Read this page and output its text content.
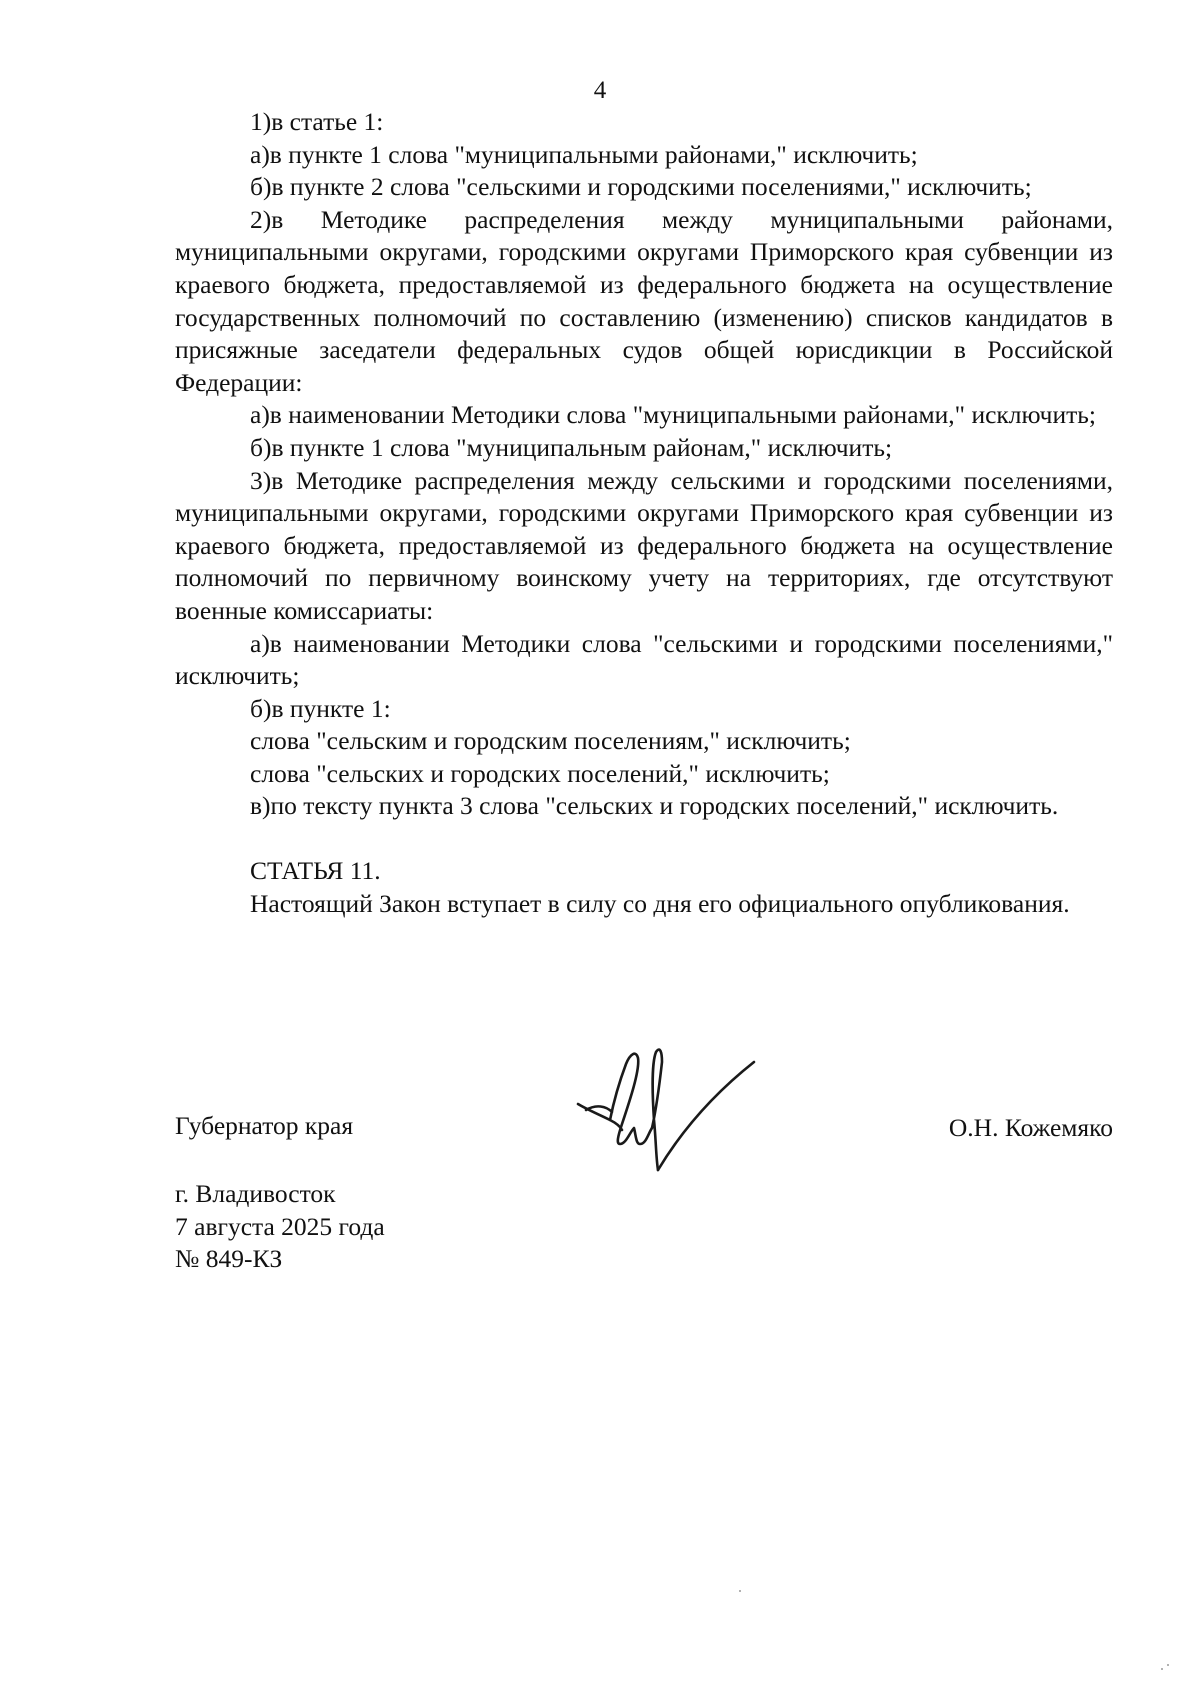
4

1)в статье 1:

а)в пункте 1 слова "муниципальными районами," исключить;

б)в пункте 2 слова "сельскими и городскими поселениями," исключить;

2)в Методике распределения между муниципальными районами, муниципальными округами, городскими округами Приморского края субвенции из краевого бюджета, предоставляемой из федерального бюджета на осуществление государственных полномочий по составлению (изменению) списков кандидатов в присяжные заседатели федеральных судов общей юрисдикции в Российской Федерации:

а)в наименовании Методики слова "муниципальными районами," исключить;

б)в пункте 1 слова "муниципальным районам," исключить;

3)в Методике распределения между сельскими и городскими поселениями, муниципальными округами, городскими округами Приморского края субвенции из краевого бюджета, предоставляемой из федерального бюджета на осуществление полномочий по первичному воинскому учету на территориях, где отсутствуют военные комиссариаты:

а)в наименовании Методики слова "сельскими и городскими поселениями," исключить;

б)в пункте 1:

слова "сельским и городским поселениям," исключить;

слова "сельских и городских поселений," исключить;

в)по тексту пункта 3 слова "сельских и городских поселений," исключить.

СТАТЬЯ 11.

Настоящий Закон вступает в силу со дня его официального опубликования.

Губернатор края	О.Н. Кожемяко
г. Владивосток
7 августа 2025 года
№ 849-КЗ
